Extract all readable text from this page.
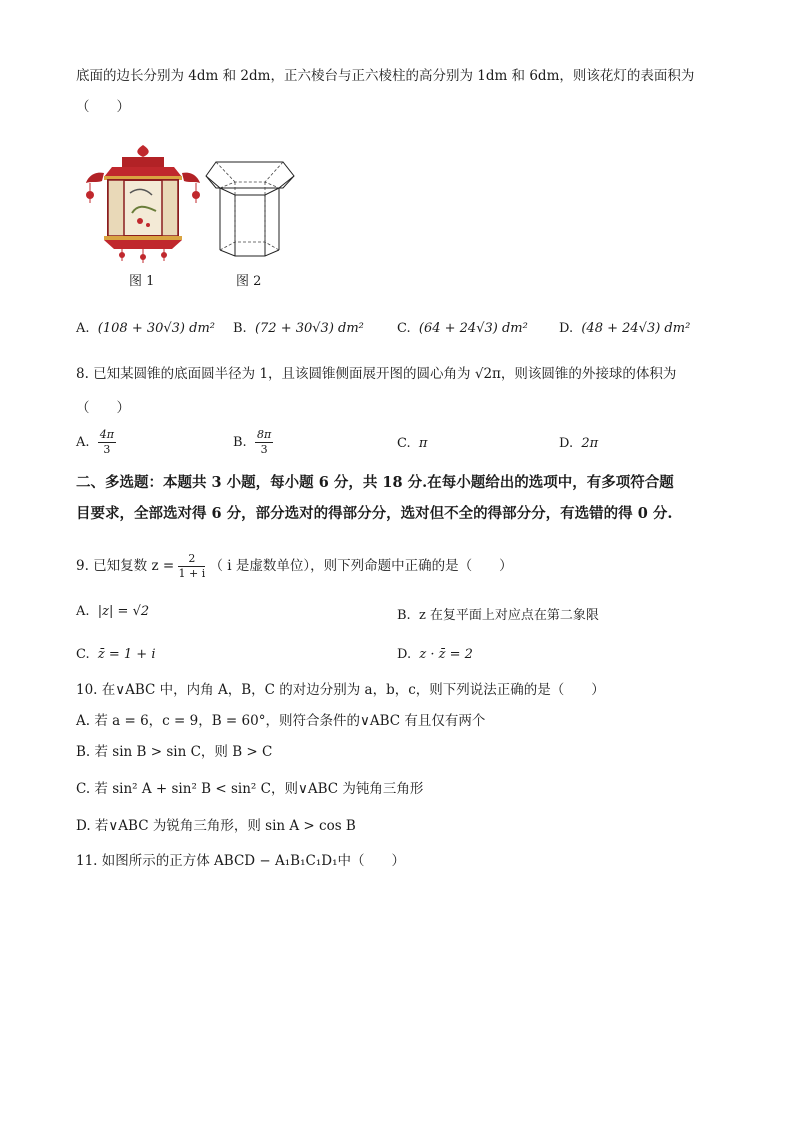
底面的边长分别为 4dm 和 2dm，正六棱台与正六棱柱的高分别为 1dm 和 6dm，则该花灯的表面积为
（　　）
图 1	图 2
A. (108 + 30√3) dm² B. (72 + 30√3) dm²	C. (64 + 24√3) dm² D. (48 + 24√3) dm²
8. 已知某圆锥的底面圆半径为 1，且该圆锥侧面展开图的圆心角为 √2π，则该圆锥的外接球的体积为
（　　）
A. $\frac{4\pi}{3}$	B. $\frac{8\pi}{3}$	C. π	D. 2π
二、多选题：本题共 3 小题，每小题 6 分，共 18 分.在每小题给出的选项中，有多项符合题
目要求，全部选对得 6 分，部分选对的得部分分，选对但不全的得部分分，有选错的得 0 分.
9. 已知复数 $z = \frac{2}{1 + i}$ （ i 是虚数单位），则下列命题中正确的是（　　）
A. |z| = √2	B. z 在复平面上对应点在第二象限
C. z̄ = 1 + i	D. z · z̄ = 2
10. 在∨ABC 中，内角 A，B，C 的对边分别为 a，b，c，则下列说法正确的是（　　）
A. 若 a = 6，c = 9，B = 60°，则符合条件的∨ABC 有且仅有两个
B. 若 sin B > sin C，则 B > C
C. 若 sin² A + sin² B < sin² C，则∨ABC 为钝角三角形
D. 若∨ABC 为锐角三角形，则 sin A > cos B
11. 如图所示的正方体 ABCD − A₁B₁C₁D₁中（　　）
